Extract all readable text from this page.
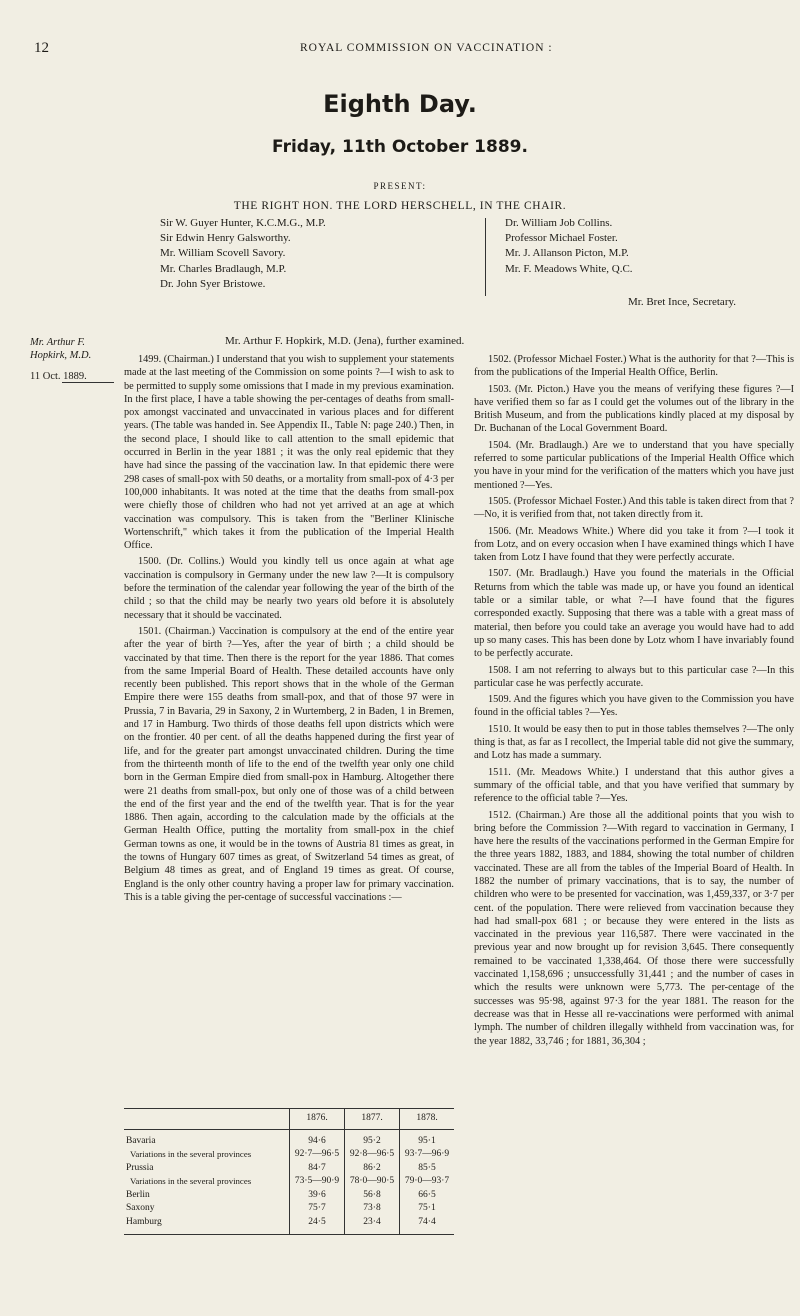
12	ROYAL COMMISSION ON VACCINATION :
Eighth Day.
Friday, 11th October 1889.
PRESENT:
THE RIGHT HON. THE LORD HERSCHELL, IN THE CHAIR.
Sir W. Guyer Hunter, K.C.M.G., M.P.
Sir Edwin Henry Galsworthy.
Mr. William Scovell Savory.
Mr. Charles Bradlaugh, M.P.
Dr. John Syer Bristowe.
Dr. William Job Collins.
Professor Michael Foster.
Mr. J. Allanson Picton, M.P.
Mr. F. Meadows White, Q.C.
Mr. Bret Ince, Secretary.
Mr. Arthur F. Hopkirk, M.D.
11 Oct. 1889.
Mr. Arthur F. Hopkirk, M.D. (Jena), further examined.

1499. (Chairman.) I understand that you wish to supplement your statements made at the last meeting of the Commission on some points ?—I wish to ask to be permitted to supply some omissions that I made in my previous examination. In the first place, I have a table showing the per-centages of deaths from small-pox amongst vaccinated and unvaccinated in various places and for different years. (The table was handed in. See Appendix II., Table N: page 240.) Then, in the second place, I should like to call attention to the small epidemic that occurred in Berlin in the year 1881 ; it was the only real epidemic that they have had since the passing of the vaccination law. In that epidemic there were 298 cases of small-pox with 50 deaths, or a mortality from small-pox of 4·3 per 100,000 inhabitants. It was noted at the time that the deaths from small-pox were chiefly those of children who had not yet arrived at an age at which vaccination was compulsory. This is taken from the "Berliner Klinische Wortenschrift," which takes it from the publication of the Imperial Health Office.

1500. (Dr. Collins.) Would you kindly tell us once again at what age vaccination is compulsory in Germany under the new law ?—It is compulsory before the termination of the calendar year following the year of the birth of the child ; so that the child may be nearly two years old before it is absolutely necessary that it should be vaccinated.

1501. (Chairman.) Vaccination is compulsory at the end of the entire year after the year of birth ?—Yes, after the year of birth ; a child should be vaccinated by that time. Then there is the report for the year 1886. That comes from the same Imperial Board of Health. These detailed accounts have only recently been published. This report shows that in the whole of the German Empire there were 155 deaths from small-pox, and that of those 97 were in Prussia, 7 in Bavaria, 29 in Saxony, 2 in Wurtemberg, 2 in Baden, 1 in Bremen, and 17 in Hamburg. Two thirds of those deaths fell upon districts which were on the frontier. 40 per cent. of all the deaths happened during the first year of life, and for the greater part amongst unvaccinated children. During the time from the thirteenth month of life to the end of the twelfth year only one child born in the German Empire died from small-pox in Hamburg. Altogether there were 21 deaths from small-pox, but only one of those was of a child between the end of the first year and the end of the twelfth year. That is for the year 1886. Then again, according to the calculation made by the officials at the German Health Office, putting the mortality from small-pox in the chief German towns as one, it would be in the towns of Austria 81 times as great, in the towns of Hungary 607 times as great, of Switzerland 54 times as great, of Belgium 48 times as great, and of England 19 times as great. Of course, England is the only other country having a proper law for primary vaccination. This is a table giving the per-centage of successful vaccinations :—

	1876.	1877.	1878.
Bavaria	94·6	95·2	95·1

Variations in the several provinces	92·7—96·5	92·8—96·5	93·7—96·9
Prussia	84·7	86·2	85·5

Variations in the several provinces	73·5—90·9	78·0—90·5	79·0—93·7
Berlin	39·6	56·8	66·5
Saxony	75·7	73·8	75·1
Hamburg	24·5	23·4	74·4

1502. (Professor Michael Foster.) What is the authority for that ?—This is from the publications of the Imperial Health Office, Berlin.

1503. (Mr. Picton.) Have you the means of verifying these figures ?—I have verified them so far as I could get the volumes out of the library in the British Museum, and from the publications kindly placed at my disposal by Dr. Buchanan of the Local Government Board.

1504. (Mr. Bradlaugh.) Are we to understand that you have specially referred to some particular publications of the Imperial Health Office which you have in your mind for the verification of the matters which you have just mentioned ?—Yes.

1505. (Professor Michael Foster.) And this table is taken direct from that ?—No, it is verified from that, not taken directly from it.

1506. (Mr. Meadows White.) Where did you take it from ?—I took it from Lotz, and on every occasion when I have examined things which I have taken from Lotz I have found that they were perfectly accurate.

1507. (Mr. Bradlaugh.) Have you found the materials in the Official Returns from which the table was made up, or have you found an identical table or a similar table, or what ?—I have found that the figures corresponded exactly. Supposing that there was a table with a great mass of material, then before you could take an average you would have had to add up so many cases. This has been done by Lotz whom I have invariably found to be perfectly accurate.

1508. I am not referring to always but to this particular case ?—In this particular case he was perfectly accurate.

1509. And the figures which you have given to the Commission you have found in the official tables ?—Yes.

1510. It would be easy then to put in those tables themselves ?—The only thing is that, as far as I recollect, the Imperial table did not give the summary, and Lotz has made a summary.

1511. (Mr. Meadows White.) I understand that this author gives a summary of the official table, and that you have verified that summary by reference to the official table ?—Yes.

1512. (Chairman.) Are those all the additional points that you wish to bring before the Commission ?—With regard to vaccination in Germany, I have here the results of the vaccinations performed in the German Empire for the three years 1882, 1883, and 1884, showing the total number of children vaccinated. These are all from the tables of the Imperial Board of Health. In 1882 the number of primary vaccinations, that is to say, the number of children who were to be presented for vaccination, was 1,459,337, or 3·7 per cent. of the population. There were relieved from vaccination because they had had small-pox 681 ; or because they were entered in the lists as vaccinated in the previous year 116,587. There were vaccinated in the previous year and now brought up for revision 3,645. There consequently remained to be vaccinated 1,338,464. Of those there were successfully vaccinated 1,158,696 ; unsuccessfully 31,441 ; and the number of cases in which the results were unknown were 5,773. The per-centage of the successes was 95·98, against 97·3 for the year 1881. The reason for the decrease was that in Hesse all re-vaccinations were performed with animal lymph. The number of children illegally withheld from vaccination was, for the year 1882, 33,746 ; for 1881, 36,304 ;
